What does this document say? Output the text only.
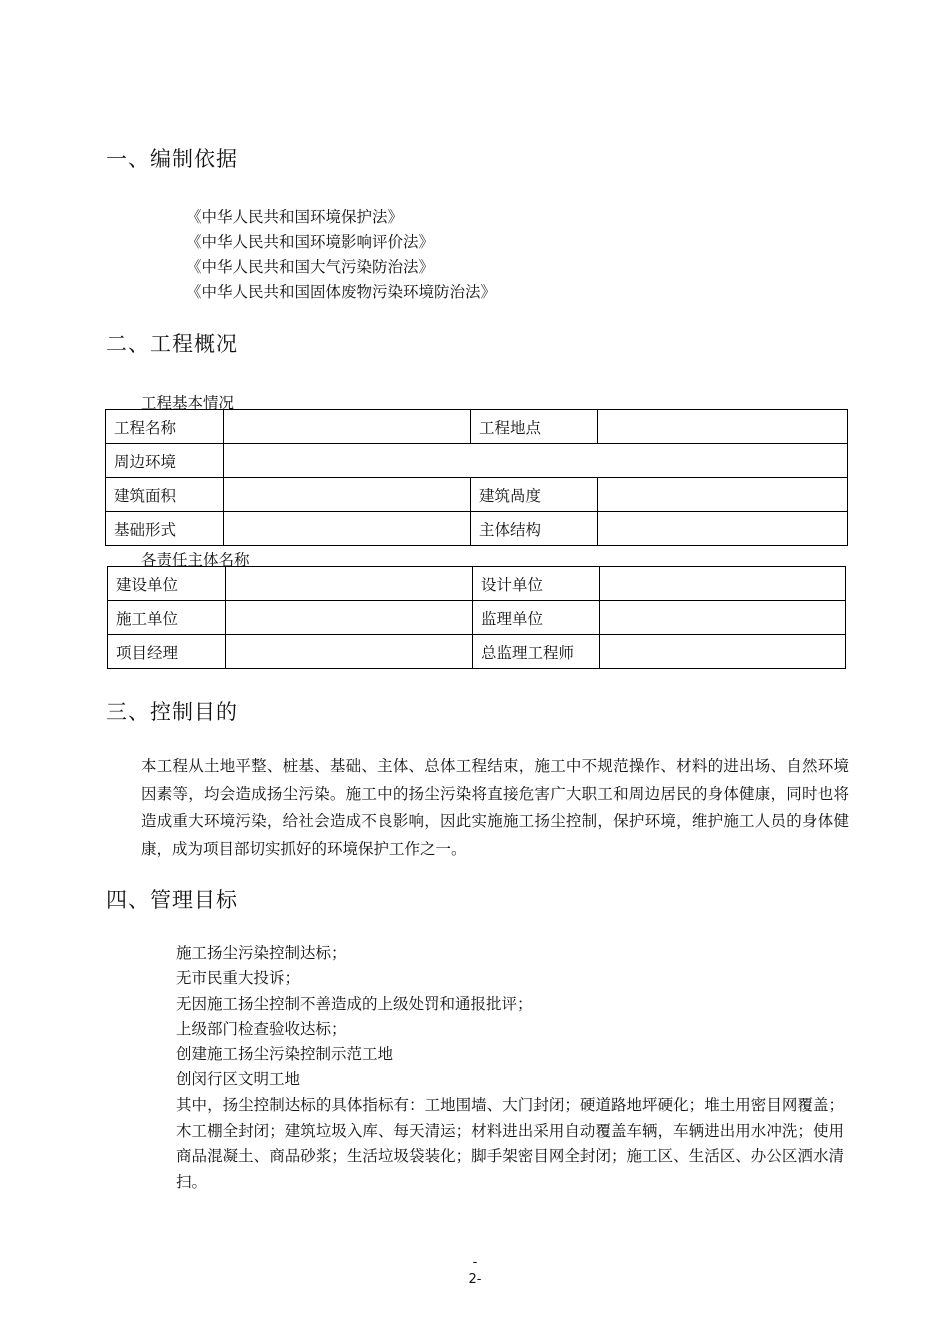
一、编制依据
《中华人民共和国环境保护法》
《中华人民共和国环境影响评价法》
《中华人民共和国大气污染防治法》
《中华人民共和国固体废物污染环境防治法》
二、工程概况
工程基本情况
工程名称		工程地点	
周边环境			
建筑面积		建筑咼度	
基础形式		主体结构	
各责任主体名称
建设单位		设计单位	
施工单位		监理单位	
项目经理		总监理工程师	
三、控制目的

本工程从土地平整、桩基、基础、主体、总体工程结束，施工中不规范操作、材料的进出场、自然环境因素等，均会造成扬尘污染。施工中的扬尘污染将直接危害广大职工和周边居民的身体健康，同时也将造成重大环境污染，给社会造成不良影响，因此实施施工扬尘控制，保护环境，维护施工人员的身体健康，成为项目部切实抓好的环境保护工作之一。

四、管理目标
施工扬尘污染控制达标；
无市民重大投诉；
无因施工扬尘控制不善造成的上级处罚和通报批评；
上级部门检查验收达标；
创建施工扬尘污染控制示范工地
创闵行区文明工地
其中，扬尘控制达标的具体指标有：工地围墙、大门封闭；硬道路地坪硬化；堆土用密目网覆盖；木工棚全封闭；建筑垃圾入库、每天清运；材料进出采用自动覆盖车辆，车辆进出用水冲洗；使用商品混凝土、商品砂浆；生活垃圾袋装化；脚手架密目网全封闭；施工区、生活区、办公区洒水清扫。
-
2-
